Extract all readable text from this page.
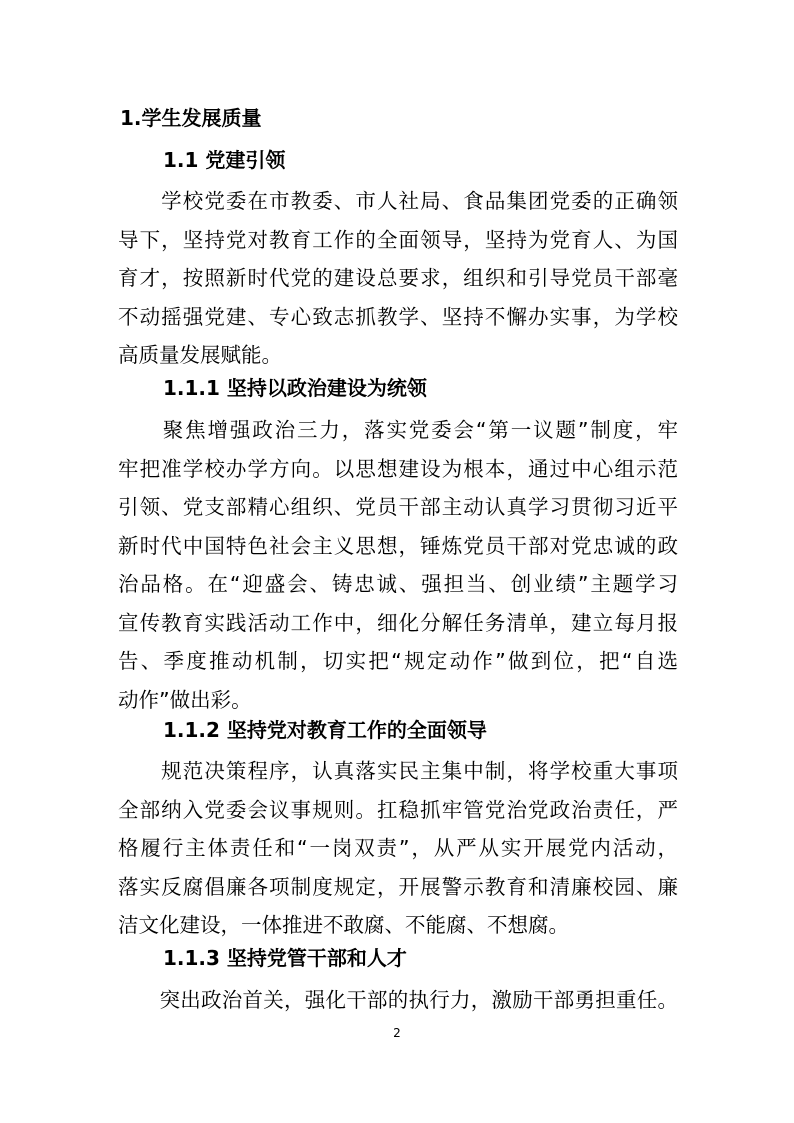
1.学生发展质量
1.1 党建引领
　　学校党委在市教委、市人社局、食品集团党委的正确领
导下，坚持党对教育工作的全面领导，坚持为党育人、为国
育才，按照新时代党的建设总要求，组织和引导党员干部毫
不动摇强党建、专心致志抓教学、坚持不懈办实事，为学校
高质量发展赋能。
1.1.1 坚持以政治建设为统领
　　聚焦增强政治三力，落实党委会“第一议题”制度，牢
牢把准学校办学方向。以思想建设为根本，通过中心组示范
引领、党支部精心组织、党员干部主动认真学习贯彻习近平
新时代中国特色社会主义思想，锤炼党员干部对党忠诚的政
治品格。在“迎盛会、铸忠诚、强担当、创业绩”主题学习
宣传教育实践活动工作中，细化分解任务清单，建立每月报
告、季度推动机制，切实把“规定动作”做到位，把“自选
动作”做出彩。
1.1.2 坚持党对教育工作的全面领导
　　规范决策程序，认真落实民主集中制，将学校重大事项
全部纳入党委会议事规则。扛稳抓牢管党治党政治责任，严
格履行主体责任和“一岗双责”，从严从实开展党内活动，
落实反腐倡廉各项制度规定，开展警示教育和清廉校园、廉
洁文化建设，一体推进不敢腐、不能腐、不想腐。
1.1.3 坚持党管干部和人才
　　突出政治首关，强化干部的执行力，激励干部勇担重任。
2
